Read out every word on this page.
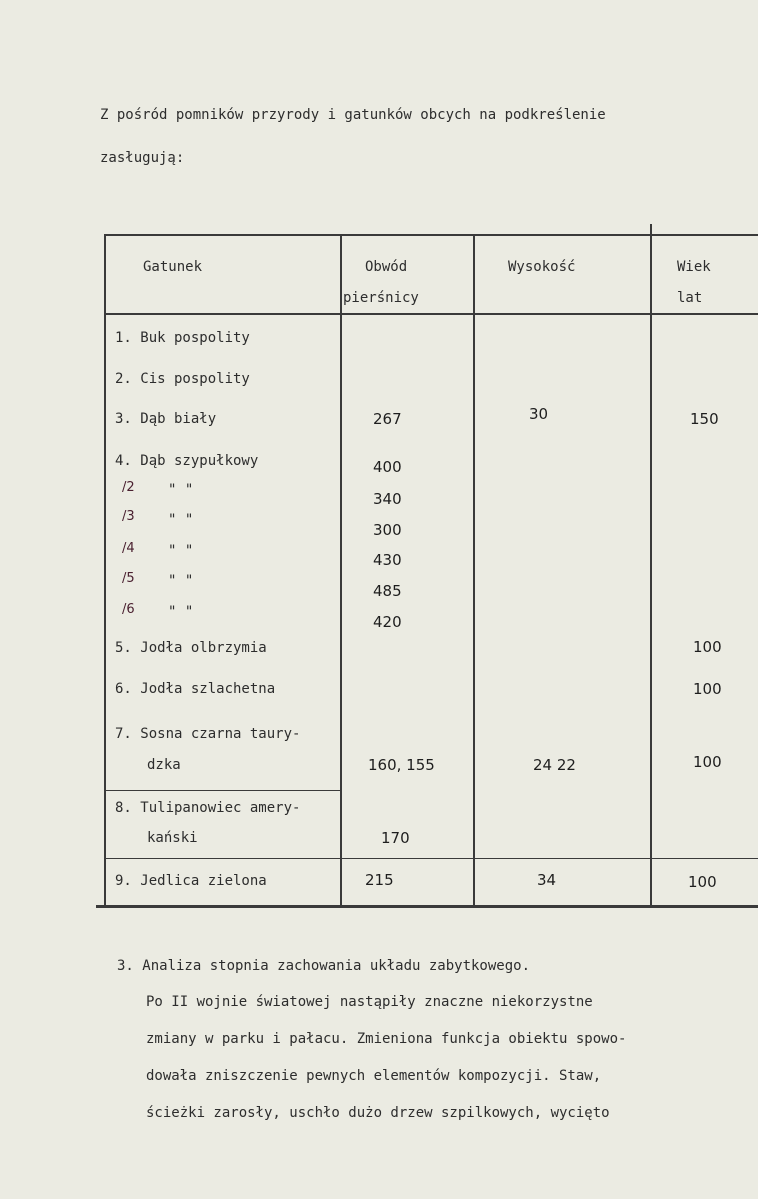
Z pośród pomników przyrody i gatunków obcych na podkreślenie
zasługują:
Gatunek	Obwód
pierśnicy
Wysokość	Wiek
lat
1. Buk pospolity
2. Cis pospolity
3. Dąb biały
4. Dąb szypułkowy
/2 " "
/3 " "
/4 " "
/5 " "
/6 " "
5. Jodła olbrzymia
6. Jodła szlachetna
7. Sosna czarna taury-
dzka
8. Tulipanowiec amery-
kański
9. Jedlica zielona
267
400
340
300
430
485
420
160, 155
170
215
30
24 22
34
150
100
100
100
100
3. Analiza stopnia zachowania układu zabytkowego.
Po II wojnie światowej nastąpiły znaczne niekorzystne
zmiany w parku i pałacu. Zmieniona funkcja obiektu spowo-
dowała zniszczenie pewnych elementów kompozycji. Staw,
ścieżki zarosły, uschło dużo drzew szpilkowych, wycięto
